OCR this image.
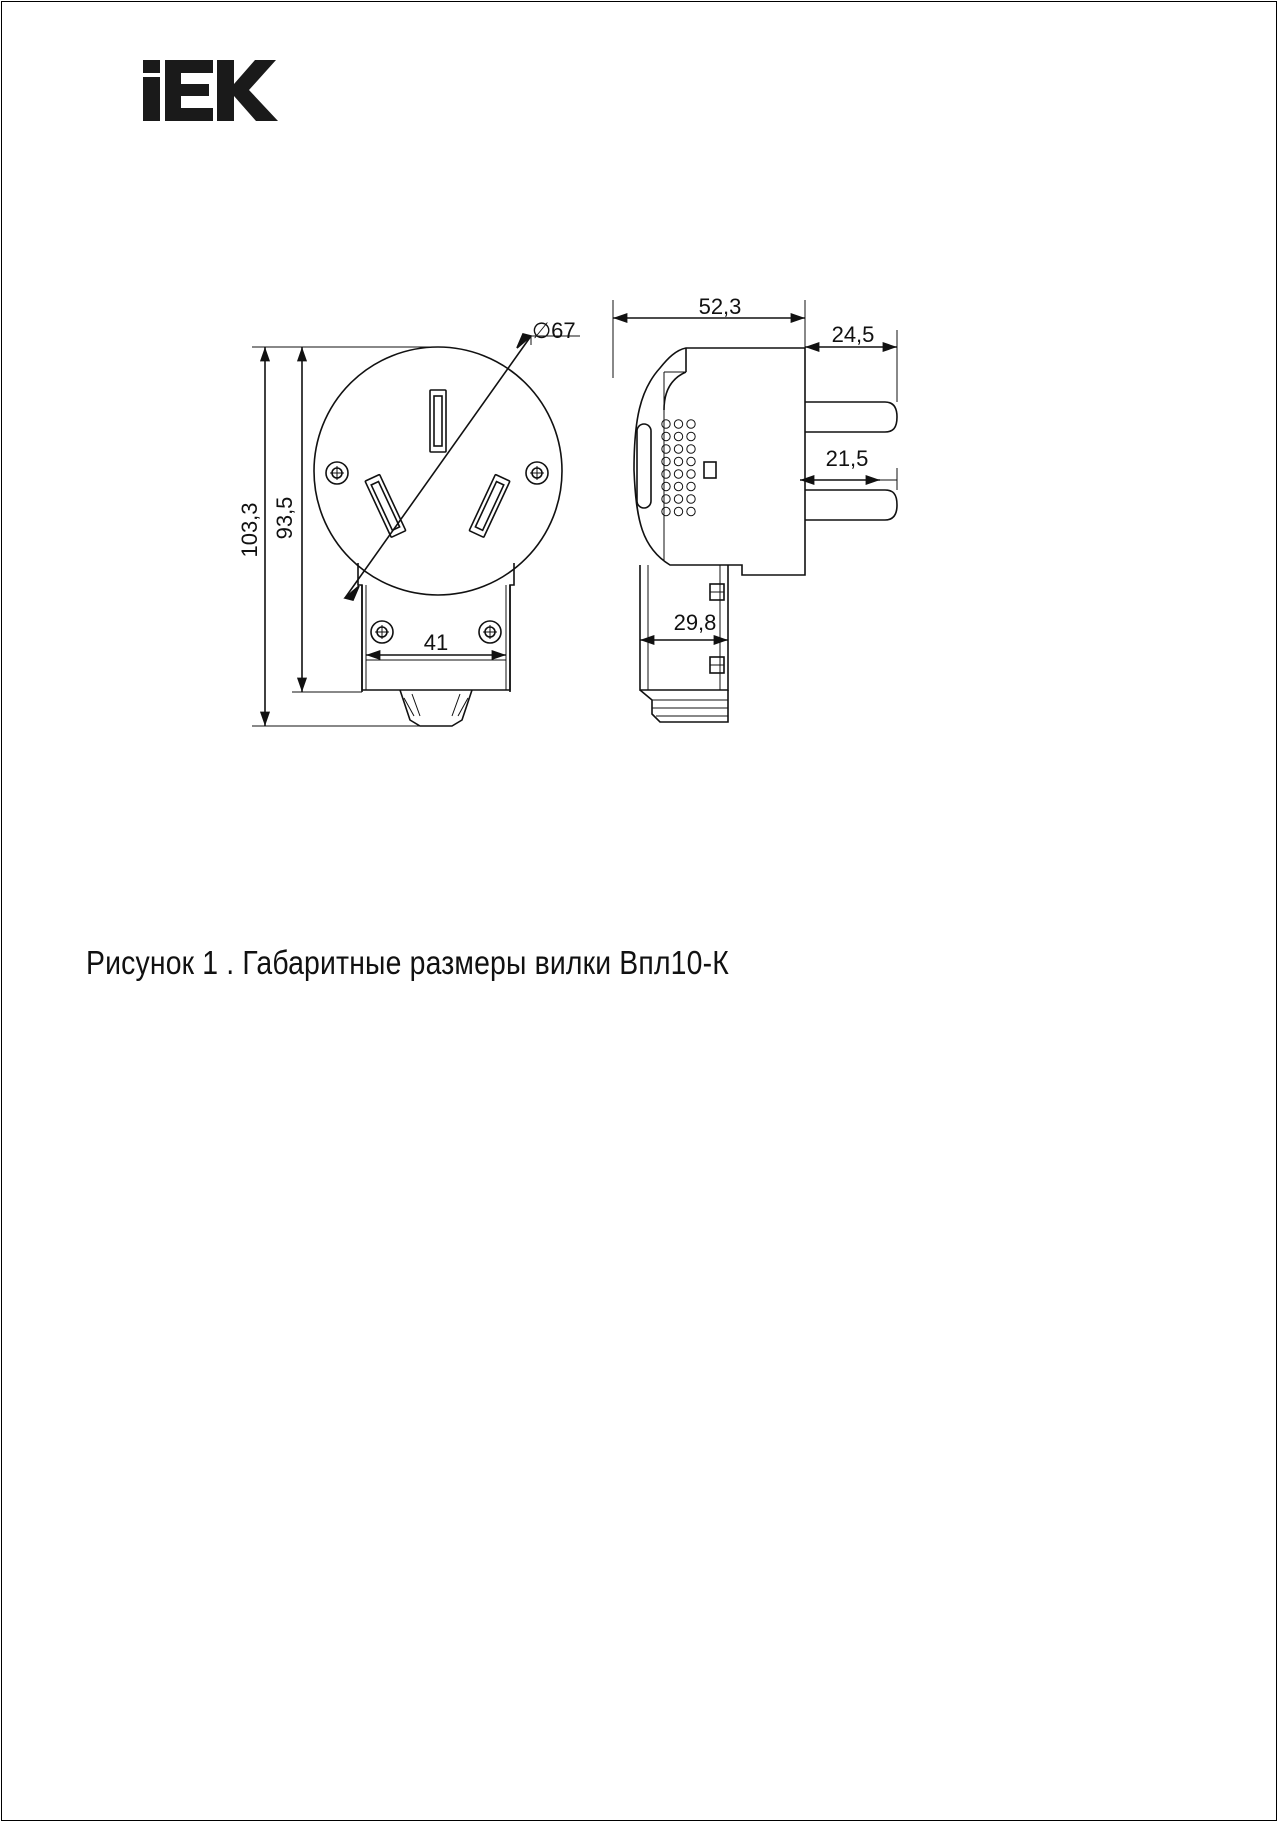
103,3 93,5
∅67
41
52,3
24,5
21,5
29,8
Рисунок 1 . Габаритные размеры вилки Впл10-К
